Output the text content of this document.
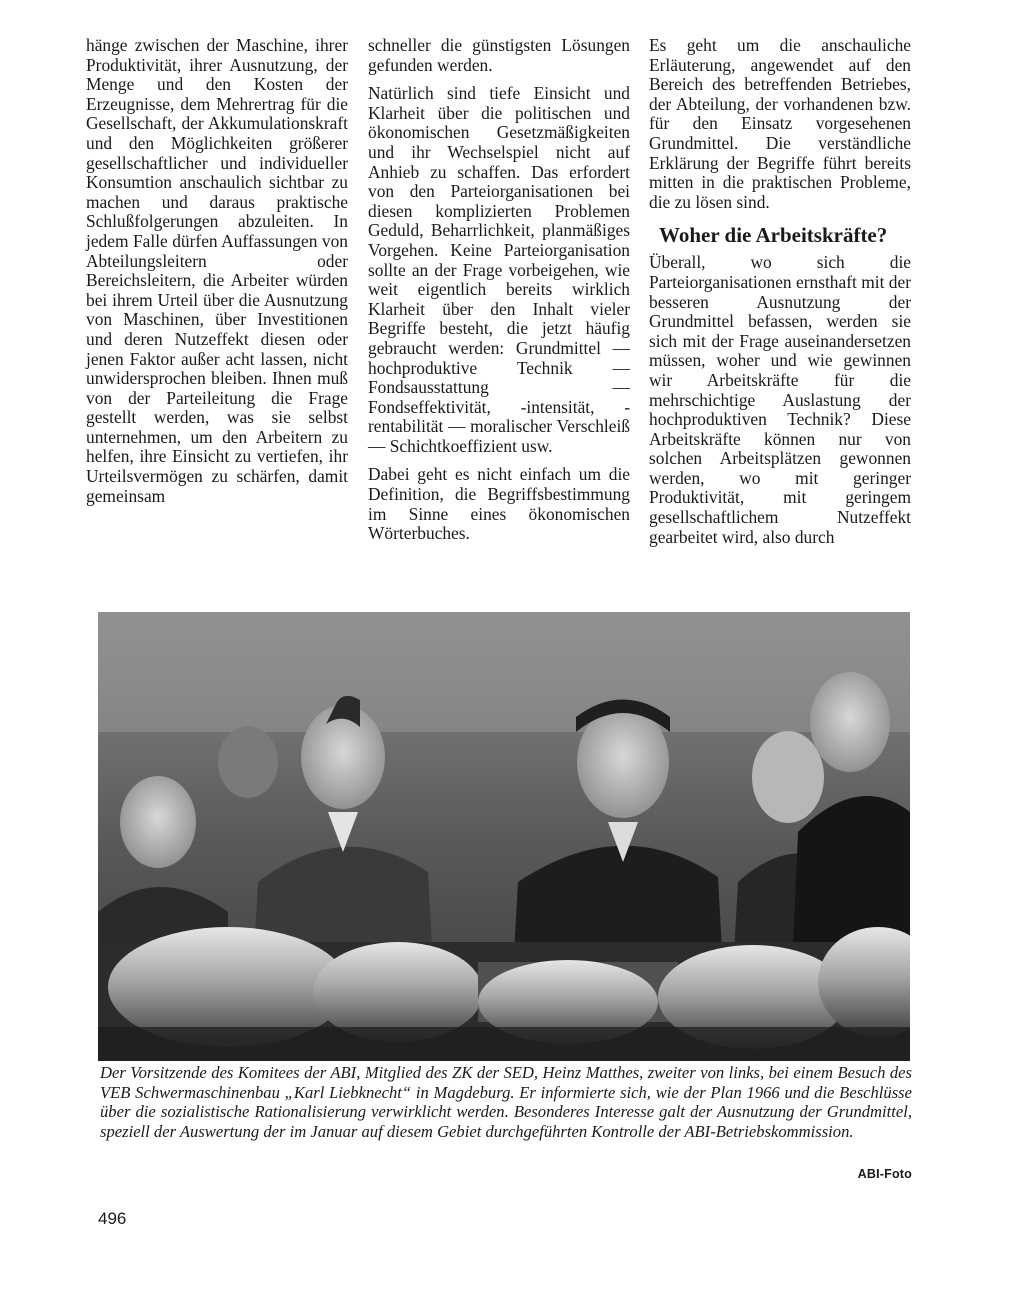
hänge zwischen der Maschine, ihrer Produktivität, ihrer Ausnutzung, der Menge und den Kosten der Erzeugnisse, dem Mehrertrag für die Gesellschaft, der Akkumulationskraft und den Möglichkeiten größerer gesellschaftlicher und individueller Konsumtion anschaulich sichtbar zu machen und daraus praktische Schlußfolgerungen abzuleiten. In jedem Falle dürfen Auffassungen von Abteilungsleitern oder Bereichsleitern, die Arbeiter würden bei ihrem Urteil über die Ausnutzung von Maschinen, über Investitionen und deren Nutzeffekt diesen oder jenen Faktor außer acht lassen, nicht unwidersprochen bleiben. Ihnen muß von der Parteileitung die Frage gestellt werden, was sie selbst unternehmen, um den Arbeitern zu helfen, ihre Einsicht zu vertiefen, ihr Urteilsvermögen zu schärfen, damit gemeinsam

schneller die günstigsten Lösungen gefunden werden.

Natürlich sind tiefe Einsicht und Klarheit über die politischen und ökonomischen Gesetzmäßigkeiten und ihr Wechselspiel nicht auf Anhieb zu schaffen. Das erfordert von den Parteiorganisationen bei diesen komplizierten Problemen Geduld, Beharrlichkeit, planmäßiges Vorgehen. Keine Parteiorganisation sollte an der Frage vorbeigehen, wie weit eigentlich bereits wirklich Klarheit über den Inhalt vieler Begriffe besteht, die jetzt häufig gebraucht werden: Grundmittel — hochproduktive Technik — Fondsausstattung — Fondseffektivität, -intensität, -rentabilität — moralischer Verschleiß — Schichtkoeffizient usw.

Dabei geht es nicht einfach um die Definition, die Begriffsbestimmung im Sinne eines ökonomischen Wörterbuches.

Es geht um die anschauliche Erläuterung, angewendet auf den Bereich des betreffenden Betriebes, der Abteilung, der vorhandenen bzw. für den Einsatz vorgesehenen Grundmittel. Die verständliche Erklärung der Begriffe führt bereits mitten in die praktischen Probleme, die zu lösen sind.

Woher die Arbeitskräfte?

Überall, wo sich die Parteiorganisationen ernsthaft mit der besseren Ausnutzung der Grundmittel befassen, werden sie sich mit der Frage auseinandersetzen müssen, woher und wie gewinnen wir Arbeitskräfte für die mehrschichtige Auslastung der hochproduktiven Technik? Diese Arbeitskräfte können nur von solchen Arbeitsplätzen gewonnen werden, wo mit geringer Produktivität, mit geringem gesellschaftlichem Nutzeffekt gearbeitet wird, also durch

Der Vorsitzende des Komitees der ABI, Mitglied des ZK der SED, Heinz Matthes, zweiter von links, bei einem Besuch des VEB Schwermaschinenbau „Karl Liebknecht“ in Magdeburg. Er informierte sich, wie der Plan 1966 und die Beschlüsse über die sozialistische Rationalisierung verwirklicht werden. Besonderes Interesse galt der Ausnutzung der Grundmittel, speziell der Auswertung der im Januar auf diesem Gebiet durchgeführten Kontrolle der ABI-Betriebskommission.

ABI-Foto
496
